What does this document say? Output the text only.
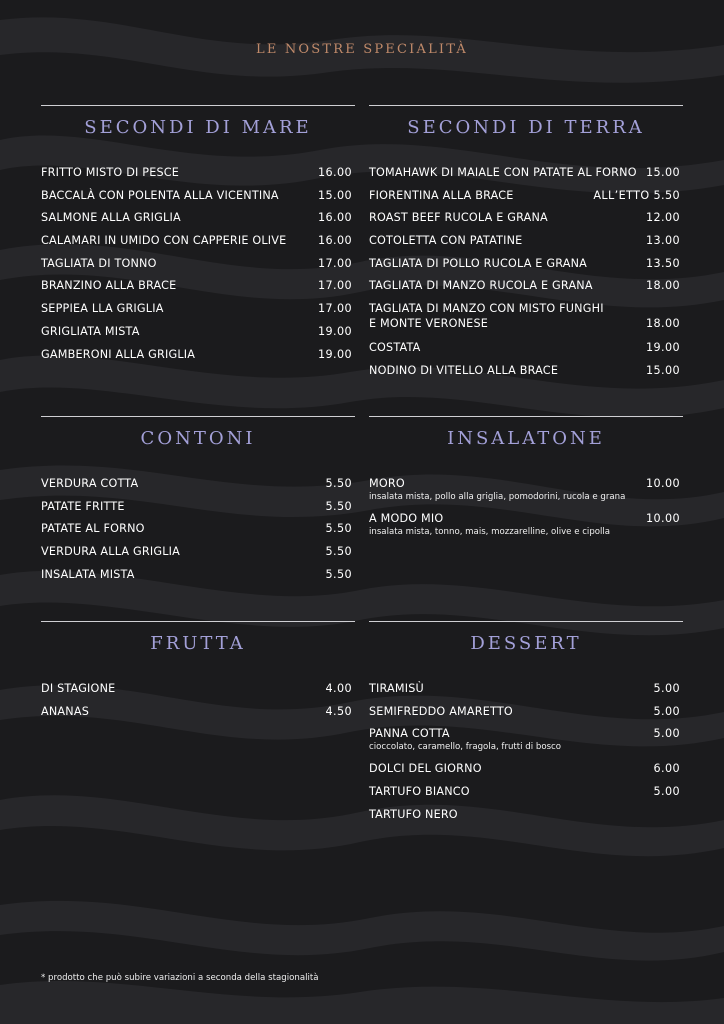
LE NOSTRE SPECIALITÀ
SECONDI DI MARE
FRITTO MISTO DI PESCE	16.00
BACCALÀ CON POLENTA ALLA VICENTINA	15.00
SALMONE ALLA GRIGLIA	16.00
CALAMARI IN UMIDO CON CAPPERIE OLIVE	16.00
TAGLIATA DI TONNO	17.00
BRANZINO ALLA BRACE	17.00
SEPPIEA LLA GRIGLIA	17.00
GRIGLIATA MISTA	19.00
GAMBERONI ALLA GRIGLIA	19.00
SECONDI DI TERRA
TOMAHAWK DI MAIALE CON PATATE AL FORNO 15.00
FIORENTINA ALLA BRACE	ALL’ETTO 5.50
ROAST BEEF RUCOLA E GRANA	12.00
COTOLETTA CON PATATINE	13.00
TAGLIATA DI POLLO RUCOLA E GRANA	13.50
TAGLIATA DI MANZO RUCOLA E GRANA	18.00
TAGLIATA DI MANZO CON MISTO FUNGHI E MONTE VERONESE	18.00
COSTATA	19.00
NODINO DI VITELLO ALLA BRACE	15.00
CONTONI
VERDURA COTTA	5.50
PATATE FRITTE	5.50
PATATE AL FORNO	5.50
VERDURA ALLA GRIGLIA	5.50
INSALATA MISTA	5.50
INSALATONE
MORO	10.00
insalata mista, pollo alla griglia, pomodorini, rucola e grana
A MODO MIO	10.00
insalata mista, tonno, mais, mozzarelline, olive e cipolla
FRUTTA
DI STAGIONE	4.00
ANANAS	4.50
DESSERT
TIRAMISÙ	5.00
SEMIFREDDO AMARETTO	5.00
PANNA COTTA	5.00
cioccolato, caramello, fragola, frutti di bosco
DOLCI DEL GIORNO	6.00
TARTUFO BIANCO	5.00
TARTUFO NERO
* prodotto che può subire variazioni a seconda della stagionalità
